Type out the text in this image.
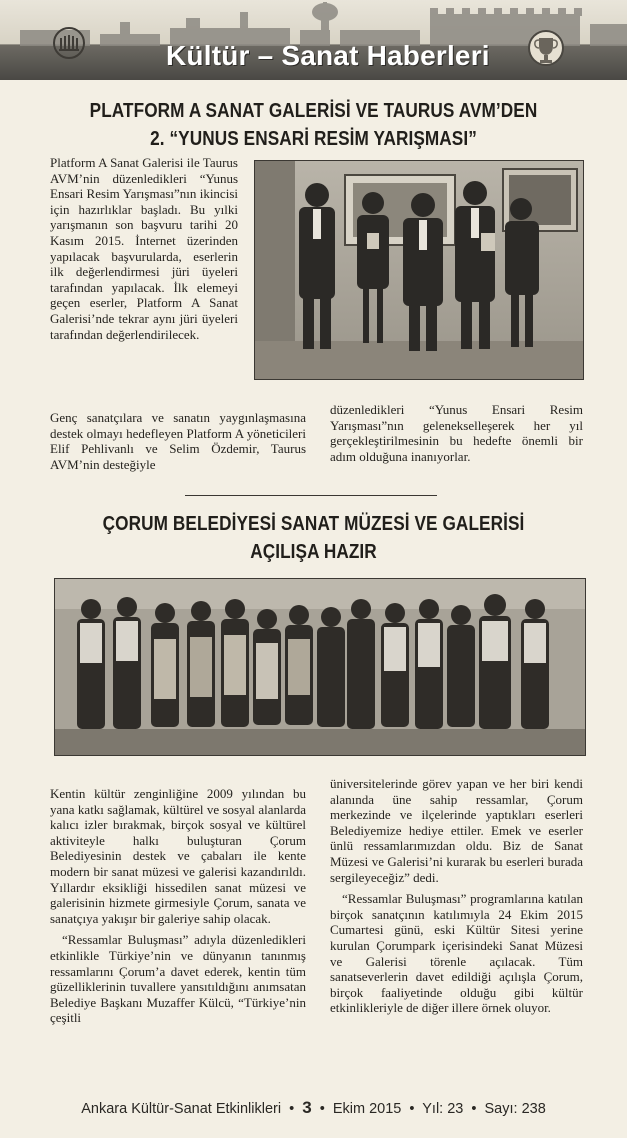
Kültür – Sanat Haberleri
PLATFORM A SANAT GALERİSİ VE TAURUS AVM’DEN
2. “YUNUS ENSARİ RESİM YARIŞMASI”

Platform A Sanat Galerisi ile Taurus AVM’nin düzenledikleri “Yunus Ensari Resim Yarışması”nın ikincisi için hazırlıklar başladı. Bu yılki yarışmanın son başvuru tarihi 20 Kasım 2015. İnternet üzerinden yapılacak başvurularda, eserlerin ilk değerlendirmesi jüri üyeleri tarafından yapılacak. İlk elemeyi geçen eserler, Platform A Sanat Galerisi’nde tekrar aynı jüri üyeleri tarafından değerlendirilecek.

Genç sanatçılara ve sanatın yaygınlaşmasına destek olmayı hedefleyen Platform A yöneticileri Elif Pehlivanlı ve Selim Özdemir, Taurus AVM’nin desteğiyle

düzenledikleri “Yunus Ensari Resim Yarışması”nın gelenekselleşerek her yıl gerçekleştirilmesinin bu hedefte önemli bir adım olduğuna inanıyorlar.

ÇORUM BELEDİYESİ SANAT MÜZESİ VE GALERİSİ
AÇILIŞA HAZIR

Kentin kültür zenginliğine 2009 yılından bu yana katkı sağlamak, kültürel ve sosyal alanlarda kalıcı izler bırakmak, birçok sosyal ve kültürel aktiviteyle halkı buluşturan Çorum Belediyesinin destek ve çabaları ile kente modern bir sanat müzesi ve galerisi kazandırıldı. Yıllardır eksikliği hissedilen sanat müzesi ve galerisinin hizmete girmesiyle Çorum, sanata ve sanatçıya yakışır bir galeriye sahip olacak.

“Ressamlar Buluşması” adıyla düzenledikleri etkinlikle Türkiye’nin ve dünyanın tanınmış ressamlarını Çorum’a davet ederek, kentin tüm güzelliklerinin tuvallere yansıtıldığını anımsatan Belediye Başkanı Muzaffer Külcü, “Türkiye’nin çeşitli

üniversitelerinde görev yapan ve her biri kendi alanında üne sahip ressamlar, Çorum merkezinde ve ilçelerinde yaptıkları eserleri Belediyemize hediye ettiler. Emek ve eserler ünlü ressamlarımızdan oldu. Biz de Sanat Müzesi ve Galerisi’ni kurarak bu eserleri burada sergileyeceğiz” dedi.

“Ressamlar Buluşması” programlarına katılan birçok sanatçının katılımıyla 24 Ekim 2015 Cumartesi günü, eski Kültür Sitesi yerine kurulan Çorumpark içerisindeki Sanat Müzesi ve Galerisi törenle açılacak. Tüm sanatseverlerin davet edildiği açılışla Çorum, birçok faaliyetinde olduğu gibi kültür etkinlikleriyle de diğer illere örnek oluyor.

Ankara Kültür-Sanat Etkinlikleri • 3 • Ekim 2015 • Yıl: 23 • Sayı: 238
